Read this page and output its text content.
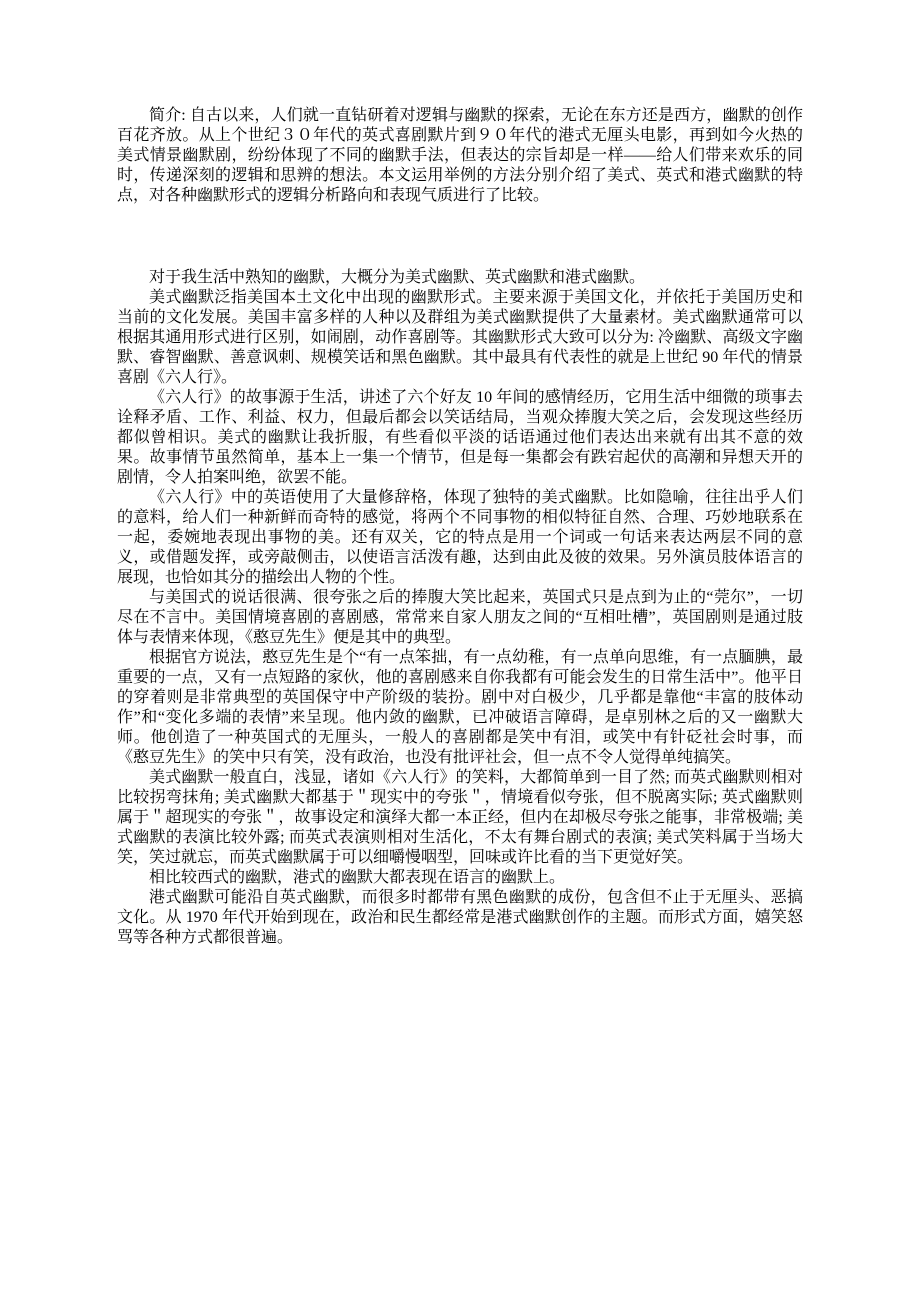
简介: 自古以来，人们就一直钻研着对逻辑与幽默的探索，无论在东方还是西方，幽默的创作百花齐放。从上个世纪３０年代的英式喜剧默片到９０年代的港式无厘头电影，再到如今火热的美式情景幽默剧，纷纷体现了不同的幽默手法，但表达的宗旨却是一样——给人们带来欢乐的同时，传递深刻的逻辑和思辨的想法。本文运用举例的方法分别介绍了美式、英式和港式幽默的特点，对各种幽默形式的逻辑分析路向和表现气质进行了比较。

对于我生活中熟知的幽默，大概分为美式幽默、英式幽默和港式幽默。

美式幽默泛指美国本土文化中出现的幽默形式。主要来源于美国文化，并依托于美国历史和当前的文化发展。美国丰富多样的人种以及群组为美式幽默提供了大量素材。美式幽默通常可以根据其通用形式进行区别，如闹剧，动作喜剧等。其幽默形式大致可以分为: 冷幽默、高级文字幽默、睿智幽默、善意讽刺、规模笑话和黑色幽默。其中最具有代表性的就是上世纪 90 年代的情景喜剧《六人行》。

《六人行》的故事源于生活，讲述了六个好友 10 年间的感情经历，它用生活中细微的琐事去诠释矛盾、工作、利益、权力，但最后都会以笑话结局，当观众捧腹大笑之后，会发现这些经历都似曾相识。美式的幽默让我折服，有些看似平淡的话语通过他们表达出来就有出其不意的效果。故事情节虽然简单，基本上一集一个情节，但是每一集都会有跌宕起伏的高潮和异想天开的剧情，令人拍案叫绝，欲罢不能。

《六人行》中的英语使用了大量修辞格，体现了独特的美式幽默。比如隐喻，往往出乎人们的意料，给人们一种新鲜而奇特的感觉，将两个不同事物的相似特征自然、合理、巧妙地联系在一起，委婉地表现出事物的美。还有双关，它的特点是用一个词或一句话来表达两层不同的意义，或借题发挥，或旁敲侧击，以使语言活泼有趣，达到由此及彼的效果。另外演员肢体语言的展现，也恰如其分的描绘出人物的个性。

与美国式的说话很满、很夸张之后的捧腹大笑比起来，英国式只是点到为止的“莞尔”，一切尽在不言中。美国情境喜剧的喜剧感，常常来自家人朋友之间的“互相吐槽”，英国剧则是通过肢体与表情来体现，《憨豆先生》便是其中的典型。

根据官方说法，憨豆先生是个“有一点笨拙，有一点幼稚，有一点单向思维，有一点腼腆，最重要的一点，又有一点短路的家伙，他的喜剧感来自你我都有可能会发生的日常生活中”。他平日的穿着则是非常典型的英国保守中产阶级的装扮。剧中对白极少，几乎都是靠他“丰富的肢体动作”和“变化多端的表情”来呈现。他内敛的幽默，已冲破语言障碍，是卓别林之后的又一幽默大师。他创造了一种英国式的无厘头，一般人的喜剧都是笑中有泪，或笑中有针砭社会时事，而《憨豆先生》的笑中只有笑，没有政治，也没有批评社会，但一点不令人觉得单纯搞笑。

美式幽默一般直白，浅显，诸如《六人行》的笑料，大都简单到一目了然; 而英式幽默则相对比较拐弯抹角; 美式幽默大都基于＂现实中的夸张＂，情境看似夸张，但不脱离实际; 英式幽默则属于＂超现实的夸张＂，故事设定和演绎大都一本正经，但内在却极尽夸张之能事，非常极端; 美式幽默的表演比较外露; 而英式表演则相对生活化，不太有舞台剧式的表演; 美式笑料属于当场大笑，笑过就忘，而英式幽默属于可以细嚼慢咽型，回味或许比看的当下更觉好笑。

相比较西式的幽默，港式的幽默大都表现在语言的幽默上。

港式幽默可能沿自英式幽默，而很多时都带有黑色幽默的成份，包含但不止于无厘头、恶搞文化。从 1970 年代开始到现在，政治和民生都经常是港式幽默创作的主题。而形式方面，嬉笑怒骂等各种方式都很普遍。
